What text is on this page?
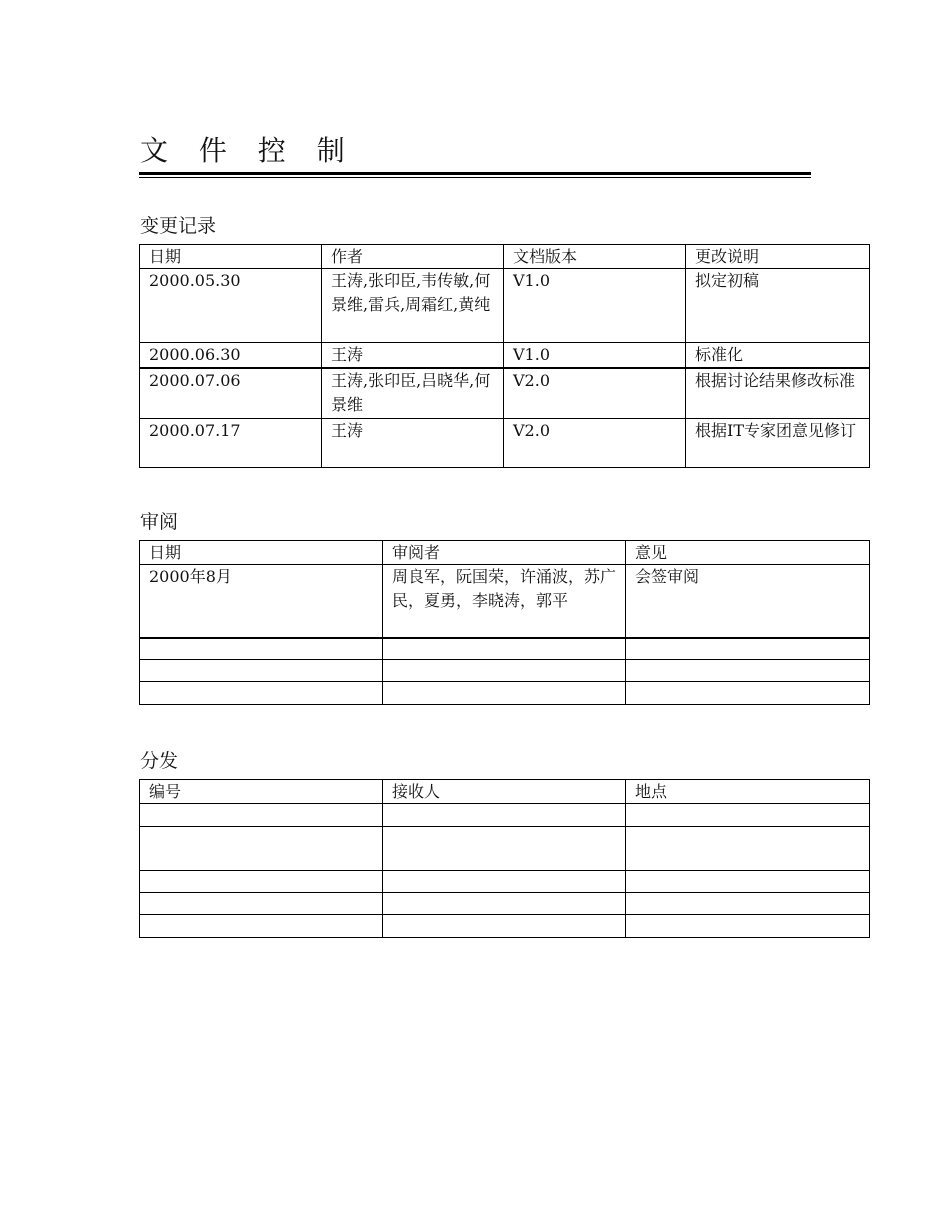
文 件 控 制
变更记录
日期	作者	文档版本	更改说明
2000.05.30	王涛,张印臣,韦传敏,何景维,雷兵,周霜红,黄纯	V1.0	拟定初稿
2000.06.30	王涛	V1.0	标准化
2000.07.06	王涛,张印臣,吕晓华,何景维	V2.0	根据讨论结果修改标准
2000.07.17	王涛	V2.0	根据IT专家团意见修订
审阅
日期	审阅者	意见
2000年8月	周良军，阮国荣，许涌波，苏广民，夏勇，李晓涛，郭平	会签审阅

分发
编号	接收人	地点
